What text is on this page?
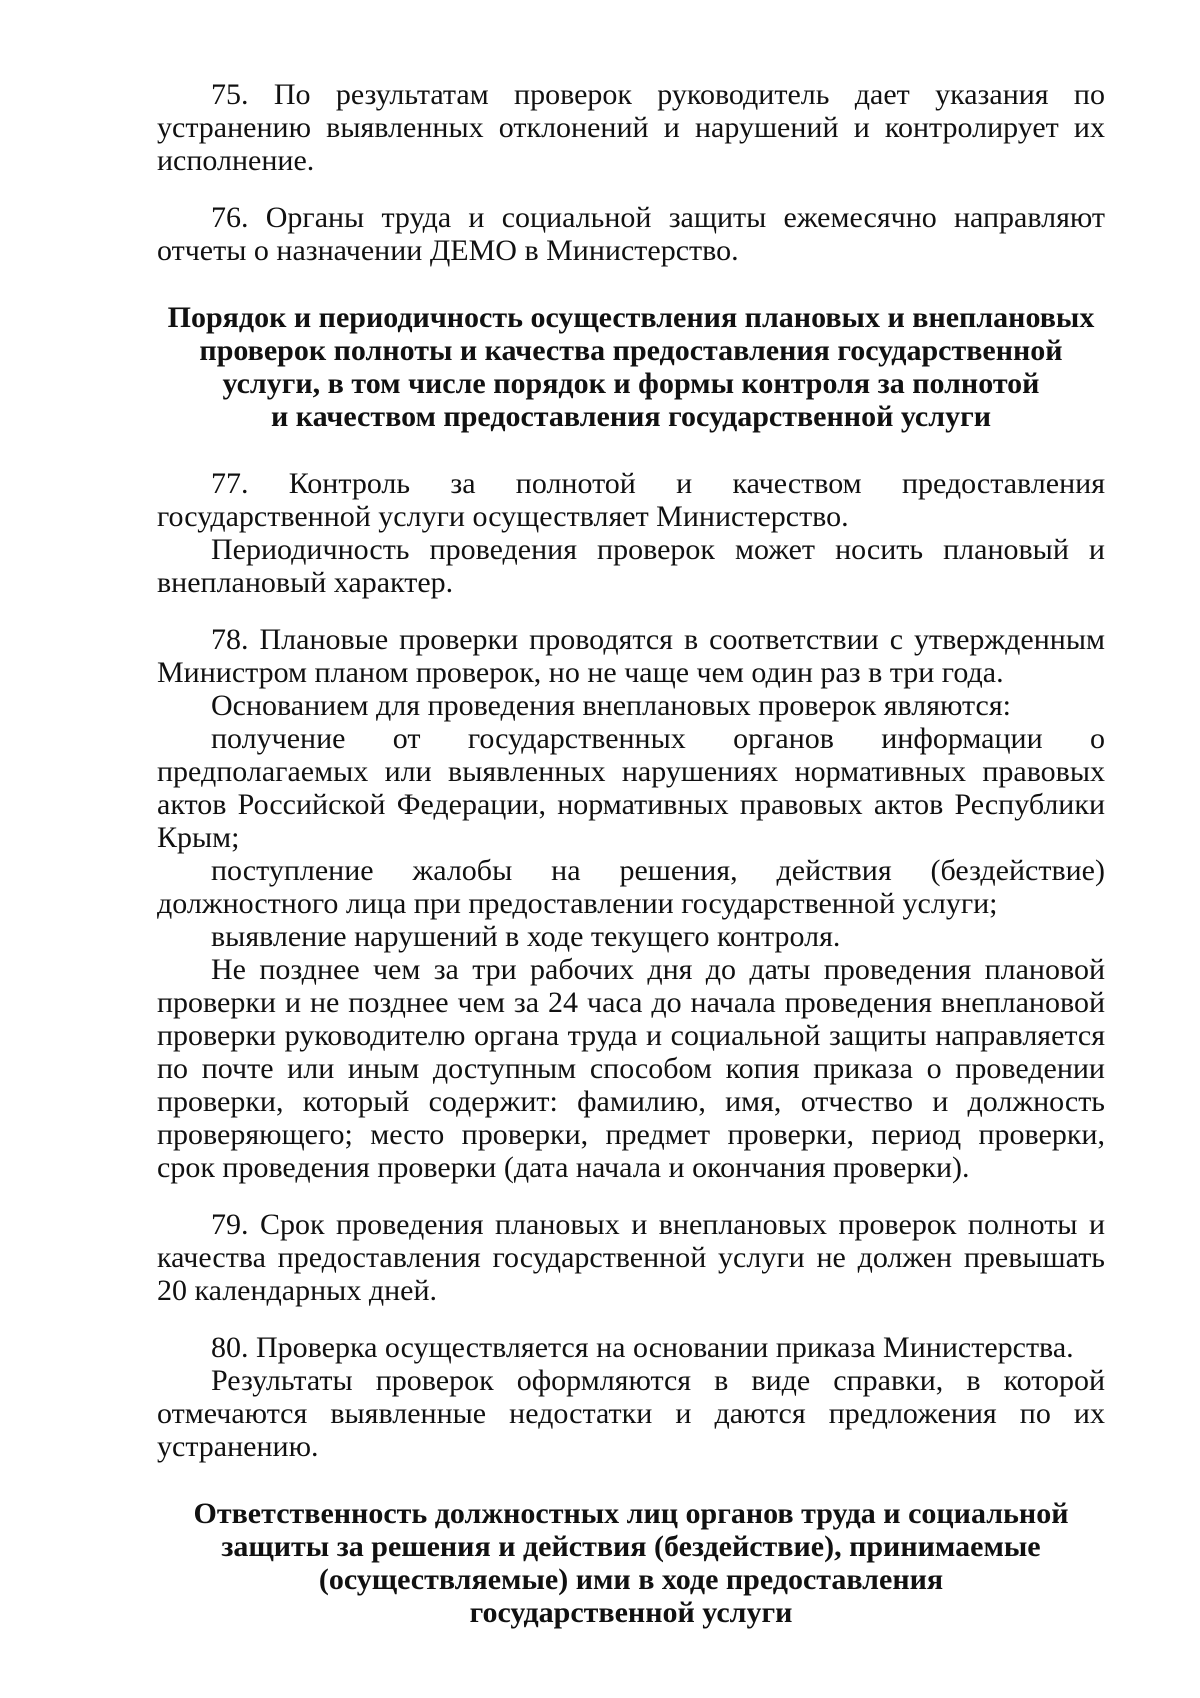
75. По результатам проверок руководитель дает указания по устранению выявленных отклонений и нарушений и контролирует их исполнение.

76. Органы труда и социальной защиты ежемесячно направляют отчеты о назначении ДЕМО в Министерство.

Порядок и периодичность осуществления плановых и внеплановых
проверок полноты и качества предоставления государственной
услуги, в том числе порядок и формы контроля за полнотой
и качеством предоставления государственной услуги

77. Контроль за полнотой и качеством предоставления государственной услуги осуществляет Министерство.

Периодичность проведения проверок может носить плановый и внеплановый характер.

78. Плановые проверки проводятся в соответствии с утвержденным Министром планом проверок, но не чаще чем один раз в три года.

Основанием для проведения внеплановых проверок являются:

получение от государственных органов информации о предполагаемых или выявленных нарушениях нормативных правовых актов Российской Федерации, нормативных правовых актов Республики Крым;

поступление жалобы на решения, действия (бездействие) должностного лица при предоставлении государственной услуги;

выявление нарушений в ходе текущего контроля.

Не позднее чем за три рабочих дня до даты проведения плановой проверки и не позднее чем за 24 часа до начала проведения внеплановой проверки руководителю органа труда и социальной защиты направляется по почте или иным доступным способом копия приказа о проведении проверки, который содержит: фамилию, имя, отчество и должность проверяющего; место проверки, предмет проверки, период проверки, срок проведения проверки (дата начала и окончания проверки).

79. Срок проведения плановых и внеплановых проверок полноты и качества предоставления государственной услуги не должен превышать 20 календарных дней.

80. Проверка осуществляется на основании приказа Министерства.

Результаты проверок оформляются в виде справки, в которой отмечаются выявленные недостатки и даются предложения по их устранению.

Ответственность должностных лиц органов труда и социальной
защиты за решения и действия (бездействие), принимаемые
(осуществляемые) ими в ходе предоставления
государственной услуги
